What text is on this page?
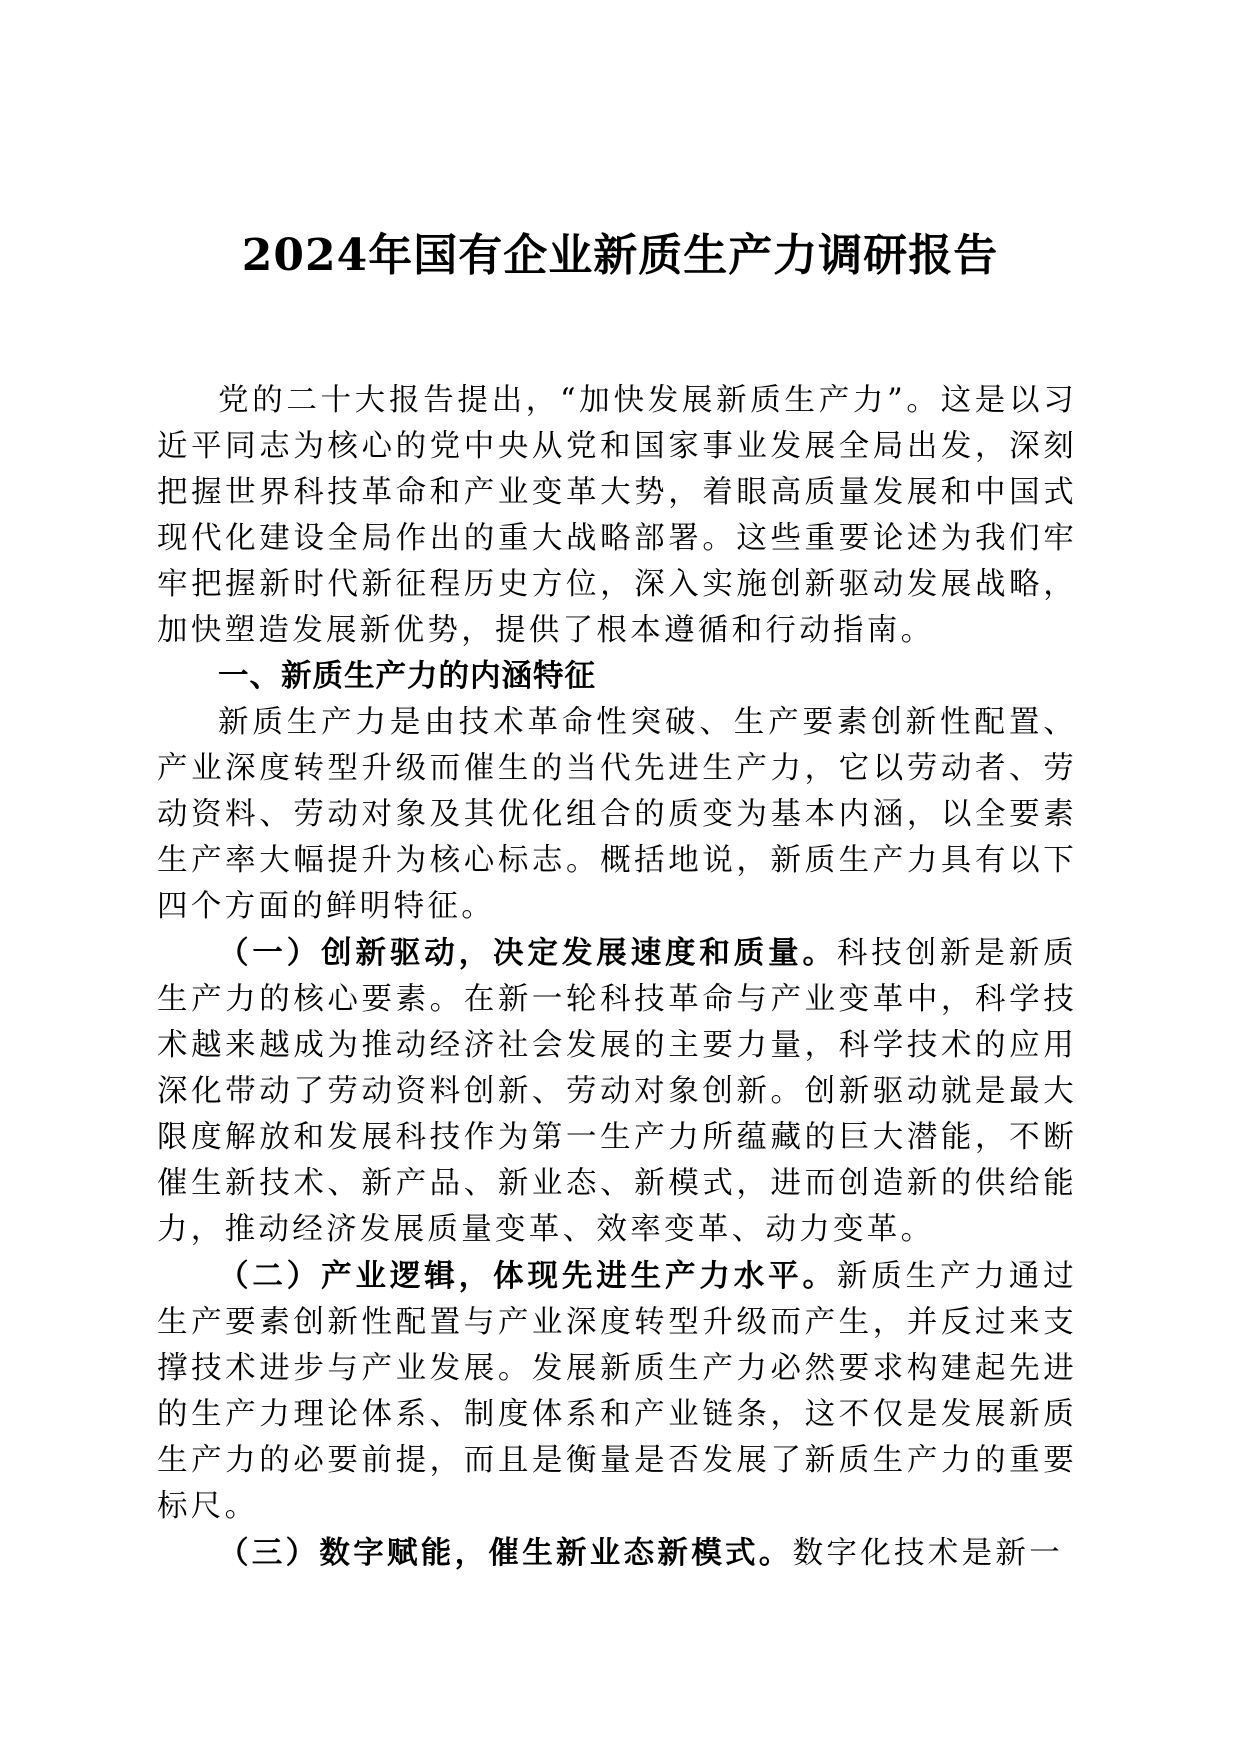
2024年国有企业新质生产力调研报告

党的二十大报告提出，“加快发展新质生产力”。这是以习近平同志为核心的党中央从党和国家事业发展全局出发，深刻把握世界科技革命和产业变革大势，着眼高质量发展和中国式现代化建设全局作出的重大战略部署。这些重要论述为我们牢牢把握新时代新征程历史方位，深入实施创新驱动发展战略，加快塑造发展新优势，提供了根本遵循和行动指南。

一、新质生产力的内涵特征

新质生产力是由技术革命性突破、生产要素创新性配置、产业深度转型升级而催生的当代先进生产力，它以劳动者、劳动资料、劳动对象及其优化组合的质变为基本内涵，以全要素生产率大幅提升为核心标志。概括地说，新质生产力具有以下四个方面的鲜明特征。

（一）创新驱动，决定发展速度和质量。科技创新是新质生产力的核心要素。在新一轮科技革命与产业变革中，科学技术越来越成为推动经济社会发展的主要力量，科学技术的应用深化带动了劳动资料创新、劳动对象创新。创新驱动就是最大限度解放和发展科技作为第一生产力所蕴藏的巨大潜能，不断催生新技术、新产品、新业态、新模式，进而创造新的供给能力，推动经济发展质量变革、效率变革、动力变革。

（二）产业逻辑，体现先进生产力水平。新质生产力通过生产要素创新性配置与产业深度转型升级而产生，并反过来支撑技术进步与产业发展。发展新质生产力必然要求构建起先进的生产力理论体系、制度体系和产业链条，这不仅是发展新质生产力的必要前提，而且是衡量是否发展了新质生产力的重要标尺。

（三）数字赋能，催生新业态新模式。数字化技术是新一
